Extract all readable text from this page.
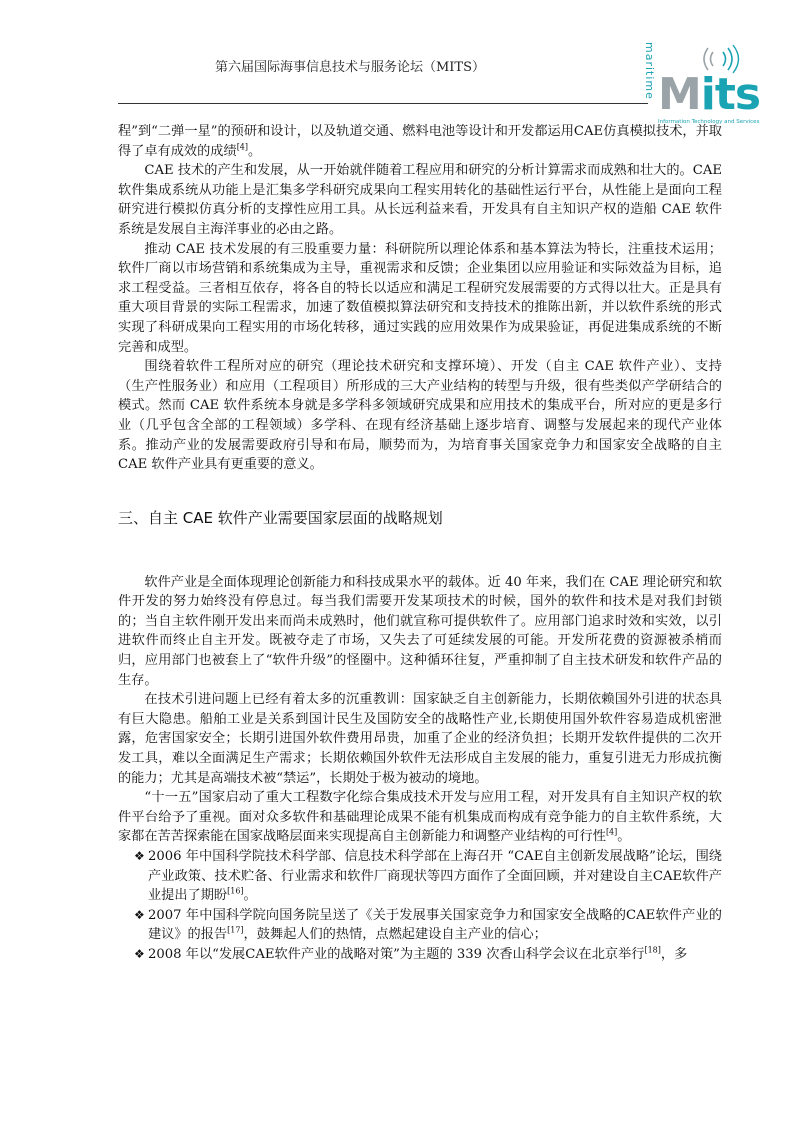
第六届国际海事信息技术与服务论坛（MITS）	maritime Mits
Information Technology and Services

程”到“二弹一星”的预研和设计，以及轨道交通、燃料电池等设计和开发都运用CAE仿真模拟技术，并取得了卓有成效的成绩[4]。

CAE 技术的产生和发展，从一开始就伴随着工程应用和研究的分析计算需求而成熟和壮大的。CAE 软件集成系统从功能上是汇集多学科研究成果向工程实用转化的基础性运行平台，从性能上是面向工程研究进行模拟仿真分析的支撑性应用工具。从长远利益来看，开发具有自主知识产权的造船 CAE 软件系统是发展自主海洋事业的必由之路。

推动 CAE 技术发展的有三股重要力量：科研院所以理论体系和基本算法为特长，注重技术运用；软件厂商以市场营销和系统集成为主导，重视需求和反馈；企业集团以应用验证和实际效益为目标，追求工程受益。三者相互依存，将各自的特长以适应和满足工程研究发展需要的方式得以壮大。正是具有重大项目背景的实际工程需求，加速了数值模拟算法研究和支持技术的推陈出新，并以软件系统的形式实现了科研成果向工程实用的市场化转移，通过实践的应用效果作为成果验证，再促进集成系统的不断完善和成型。

围绕着软件工程所对应的研究（理论技术研究和支撑环境）、开发（自主 CAE 软件产业）、支持（生产性服务业）和应用（工程项目）所形成的三大产业结构的转型与升级，很有些类似产学研结合的模式。然而 CAE 软件系统本身就是多学科多领域研究成果和应用技术的集成平台，所对应的更是多行业（几乎包含全部的工程领域）多学科、在现有经济基础上逐步培育、调整与发展起来的现代产业体系。推动产业的发展需要政府引导和布局，顺势而为，为培育事关国家竞争力和国家安全战略的自主 CAE 软件产业具有更重要的意义。

三、自主 CAE 软件产业需要国家层面的战略规划

软件产业是全面体现理论创新能力和科技成果水平的载体。近 40 年来，我们在 CAE 理论研究和软件开发的努力始终没有停息过。每当我们需要开发某项技术的时候，国外的软件和技术是对我们封锁的；当自主软件刚开发出来而尚未成熟时，他们就宣称可提供软件了。应用部门追求时效和实效，以引进软件而终止自主开发。既被夺走了市场，又失去了可延续发展的可能。开发所花费的资源被杀梢而归，应用部门也被套上了“软件升级”的怪圈中。这种循环往复，严重抑制了自主技术研发和软件产品的生存。

在技术引进问题上已经有着太多的沉重教训：国家缺乏自主创新能力，长期依赖国外引进的状态具有巨大隐患。船舶工业是关系到国计民生及国防安全的战略性产业,长期使用国外软件容易造成机密泄露，危害国家安全；长期引进国外软件费用昂贵，加重了企业的经济负担；长期开发软件提供的二次开发工具，难以全面满足生产需求；长期依赖国外软件无法形成自主发展的能力，重复引进无力形成抗衡的能力；尤其是高端技术被“禁运”，长期处于极为被动的境地。

“十一五”国家启动了重大工程数字化综合集成技术开发与应用工程，对开发具有自主知识产权的软件平台给予了重视。面对众多软件和基础理论成果不能有机集成而构成有竞争能力的自主软件系统，大家都在苦苦探索能在国家战略层面来实现提高自主创新能力和调整产业结构的可行性[4]。

❖ 2006 年中国科学院技术科学部、信息技术科学部在上海召开 “CAE自主创新发展战略”论坛，围绕产业政策、技术贮备、行业需求和软件厂商现状等四方面作了全面回顾，并对建设自主CAE软件产业提出了期盼[16]。
❖ 2007 年中国科学院向国务院呈送了《关于发展事关国家竞争力和国家安全战略的CAE软件产业的建议》的报告[17]，鼓舞起人们的热情，点燃起建设自主产业的信心；
❖ 2008 年以“发展CAE软件产业的战略对策”为主题的 339 次香山科学会议在北京举行[18]，多
